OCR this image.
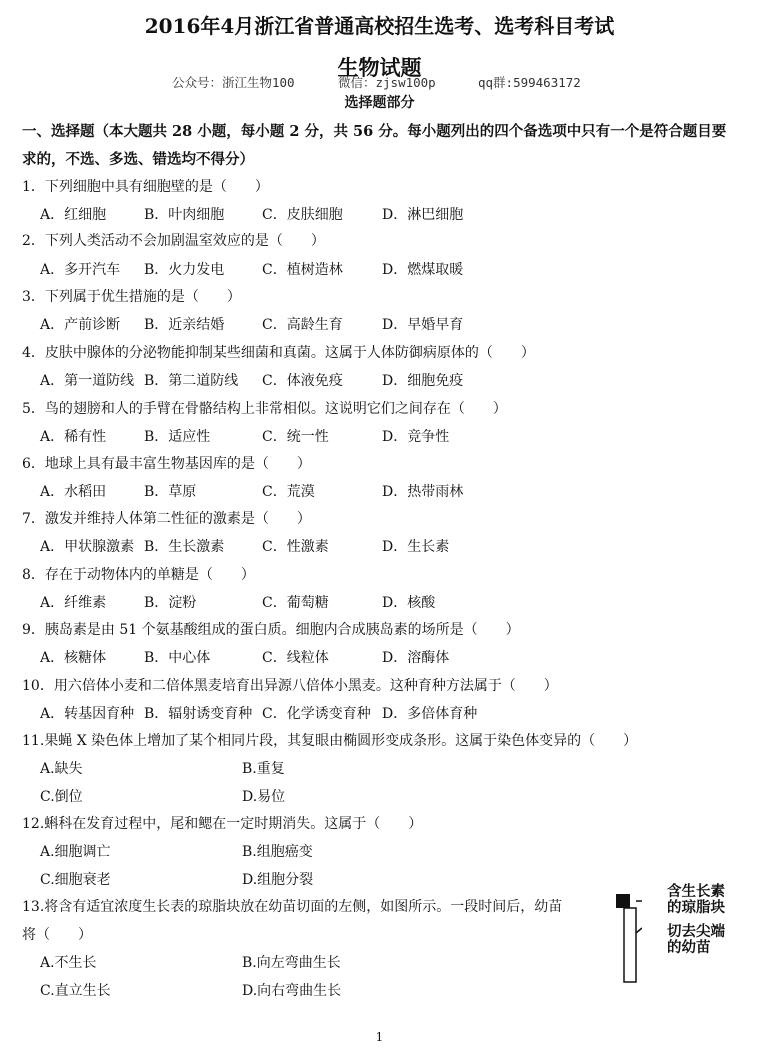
2016年4月浙江省普通高校招生选考、选考科目考试
生物试题
公众号：浙江生物100	微信：zjsw100p	qq群:599463172
选择题部分
一、选择题（本大题共 28 小题，每小题 2 分，共 56 分。每小题列出的四个备选项中只有一个是符合题目要
求的，不选、多选、错选均不得分）
1．下列细胞中具有细胞壁的是（　　）
A．红细胞	B．叶肉细胞	C．皮肤细胞	D．淋巴细胞
2．下列人类活动不会加剧温室效应的是（　　）
A．多开汽车 B．火力发电	C．植树造林	D．燃煤取暖
3．下列属于优生措施的是（　　）
A．产前诊断 B．近亲结婚	C．高龄生育	D．早婚早育
4．皮肤中腺体的分泌物能抑制某些细菌和真菌。这属于人体防御病原体的（　　）
A．第一道防线 B．第二道防线 C．体液免疫	D．细胞免疫
5．鸟的翅膀和人的手臂在骨骼结构上非常相似。这说明它们之间存在（　　）
A．稀有性	B．适应性	C．统一性	D．竞争性
6．地球上具有最丰富生物基因库的是（　　）
A．水稻田	B．草原	C．荒漠	D．热带雨林
7．激发并维持人体第二性征的激素是（　　）
A．甲状腺激素 B．生长激素	C．性激素	D．生长素
8．存在于动物体内的单糖是（　　）
A．纤维素	B．淀粉	C．葡萄糖	D．核酸
9．胰岛素是由 51 个氨基酸组成的蛋白质。细胞内合成胰岛素的场所是（　　）
A．核糖体	B．中心体	C．线粒体	D．溶酶体
10．用六倍体小麦和二倍体黑麦培育出异源八倍体小黑麦。这种育种方法属于（　　）
A．转基因育种 B．辐射诱变育种 C．化学诱变育种 D．多倍体育种
11.果蝇 X 染色体上增加了某个相同片段，其复眼由椭圆形变成条形。这属于染色体变异的（　　）
A.缺失	B.重复
C.倒位	D.易位
12.蝌科在发育过程中，尾和鳃在一定时期消失。这属于（　　）
A.细胞调亡	B.组胞癌变
C.细胞衰老	D.组胞分裂
13.将含有适宜浓度生长表的琼脂块放在幼苗切面的左侧，如图所示。一段时间后，幼苗
将（　　）
A.不生长	B.向左弯曲生长
C.直立生长	D.向右弯曲生长
含生长素
的琼脂块
切去尖端
的幼苗
1
